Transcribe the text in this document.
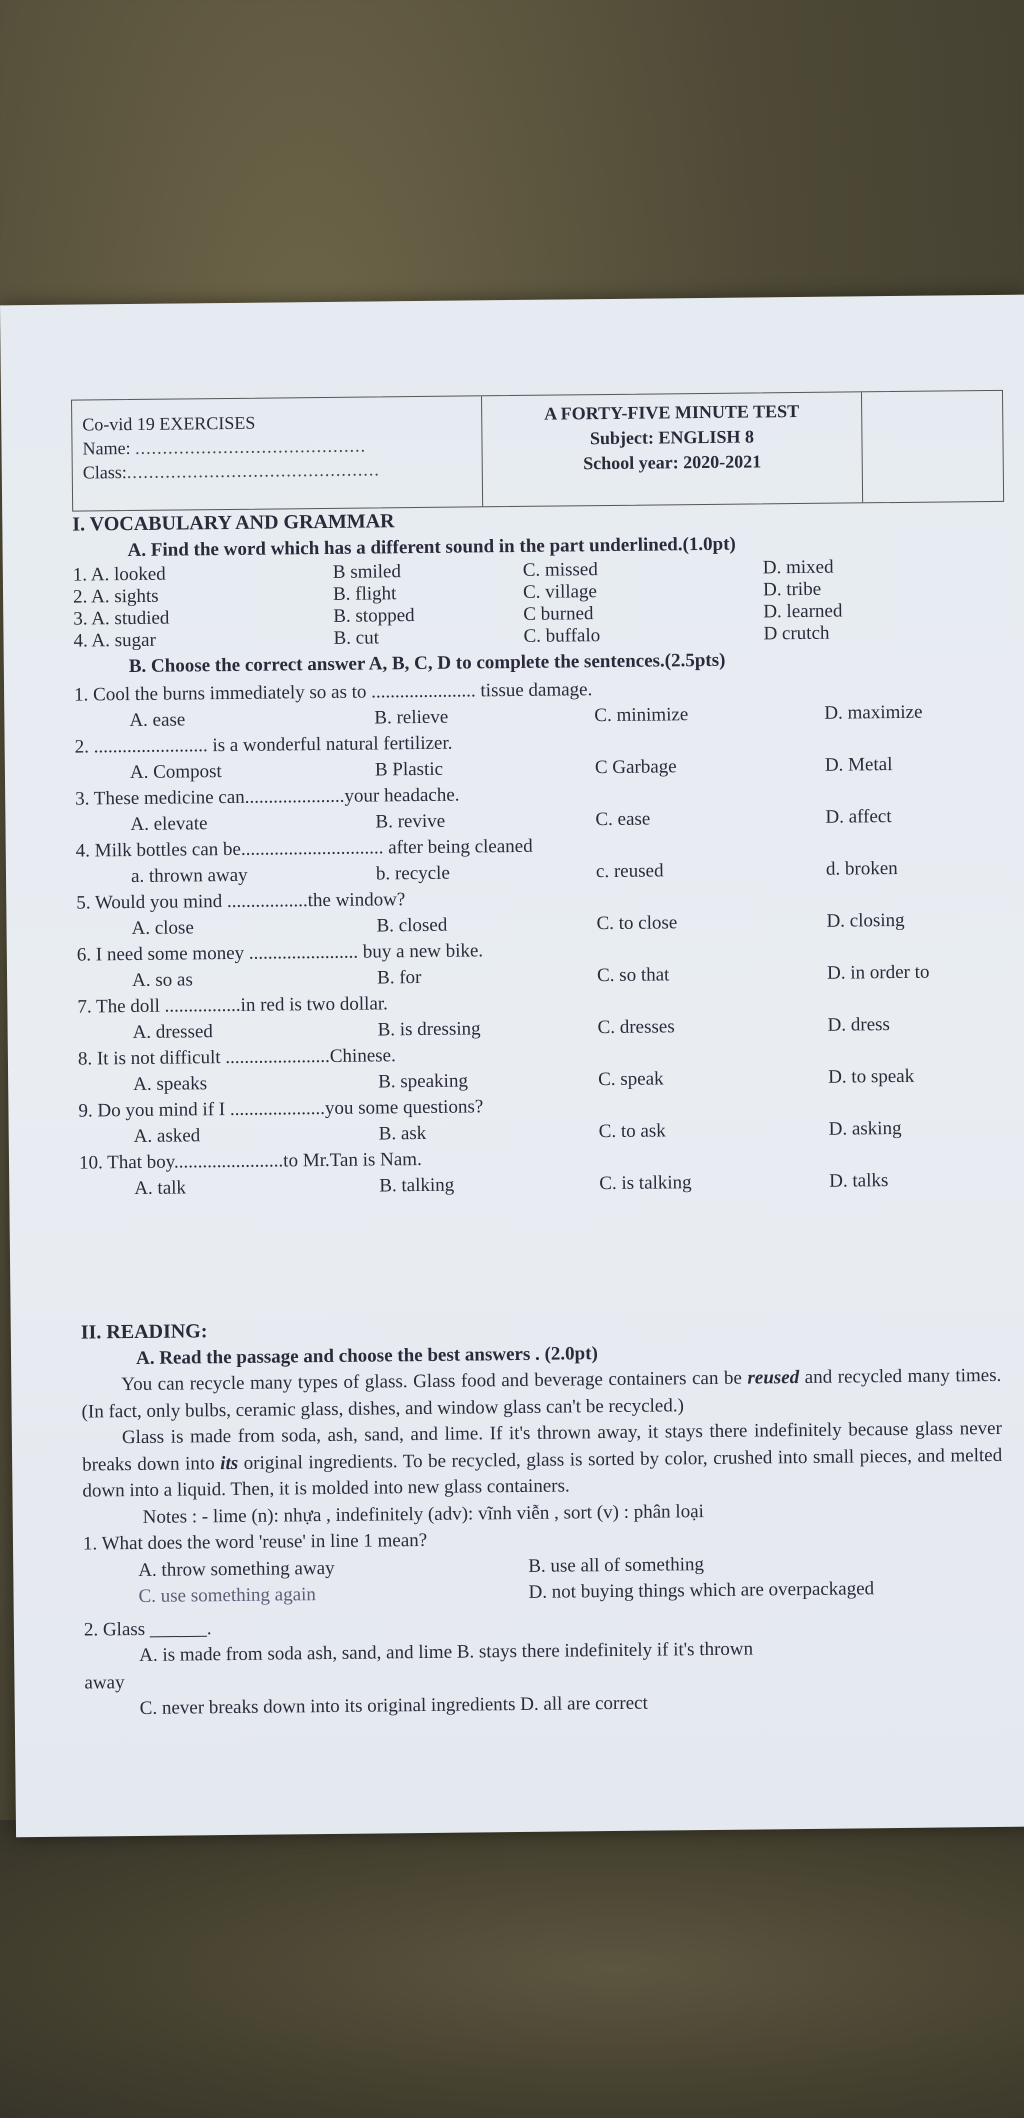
Co-vid 19 EXERCISES
Name: ..........................................
Class:..............................................
A FORTY-FIVE MINUTE TEST
Subject: ENGLISH 8
School year: 2020-2021
I. VOCABULARY AND GRAMMAR
A. Find the word which has a different sound in the part underlined.(1.0pt)
1. A. looked	B smiled	C. missed	D. mixed
2. A. sights	B. flight	C. village	D. tribe
3. A. studied	B. stopped	C burned	D. learned
4. A. sugar	B. cut	C. buffalo	D crutch
B. Choose the correct answer A, B, C, D to complete the sentences.(2.5pts)
1. Cool the burns immediately so as to ...................... tissue damage.
A. ease	B. relieve	C. minimize	D. maximize
2. ........................ is a wonderful natural fertilizer.
A. Compost	B Plastic	C Garbage	D. Metal
3. These medicine can.....................your headache.
A. elevate	B. revive	C. ease	D. affect
4. Milk bottles can be.............................. after being cleaned
a. thrown away	b. recycle	c. reused	d. broken
5. Would you mind .................the window?
A. close	B. closed	C. to close	D. closing
6. I need some money ....................... buy a new bike.
A. so as	B. for	C. so that	D. in order to
7. The doll ................in red is two dollar.
A. dressed	B. is dressing	C. dresses	D. dress
8. It is not difficult ......................Chinese.
A. speaks	B. speaking	C. speak	D. to speak
9. Do you mind if I ....................you some questions?
A. asked	B. ask	C. to ask	D. asking
10. That boy.......................to Mr.Tan is Nam.
A. talk	B. talking	C. is talking	D. talks
II. READING:
A. Read the passage and choose the best answers . (2.0pt)
You can recycle many types of glass. Glass food and beverage containers can be reused and recycled many times. (In fact, only bulbs, ceramic glass, dishes, and window glass can't be recycled.)
Glass is made from soda, ash, sand, and lime. If it's thrown away, it stays there indefinitely because glass never breaks down into its original ingredients. To be recycled, glass is sorted by color, crushed into small pieces, and melted down into a liquid. Then, it is molded into new glass containers.
Notes : - lime (n): nhựa , indefinitely (adv): vĩnh viễn , sort (v) : phân loại
1. What does the word 'reuse' in line 1 mean?
A. throw something away	B. use all of something
C. use something again	D. not buying things which are overpackaged
2. Glass ______.
A. is made from soda ash, sand, and lime B. stays there indefinitely if it's thrown
away
C. never breaks down into its original ingredients D. all are correct
